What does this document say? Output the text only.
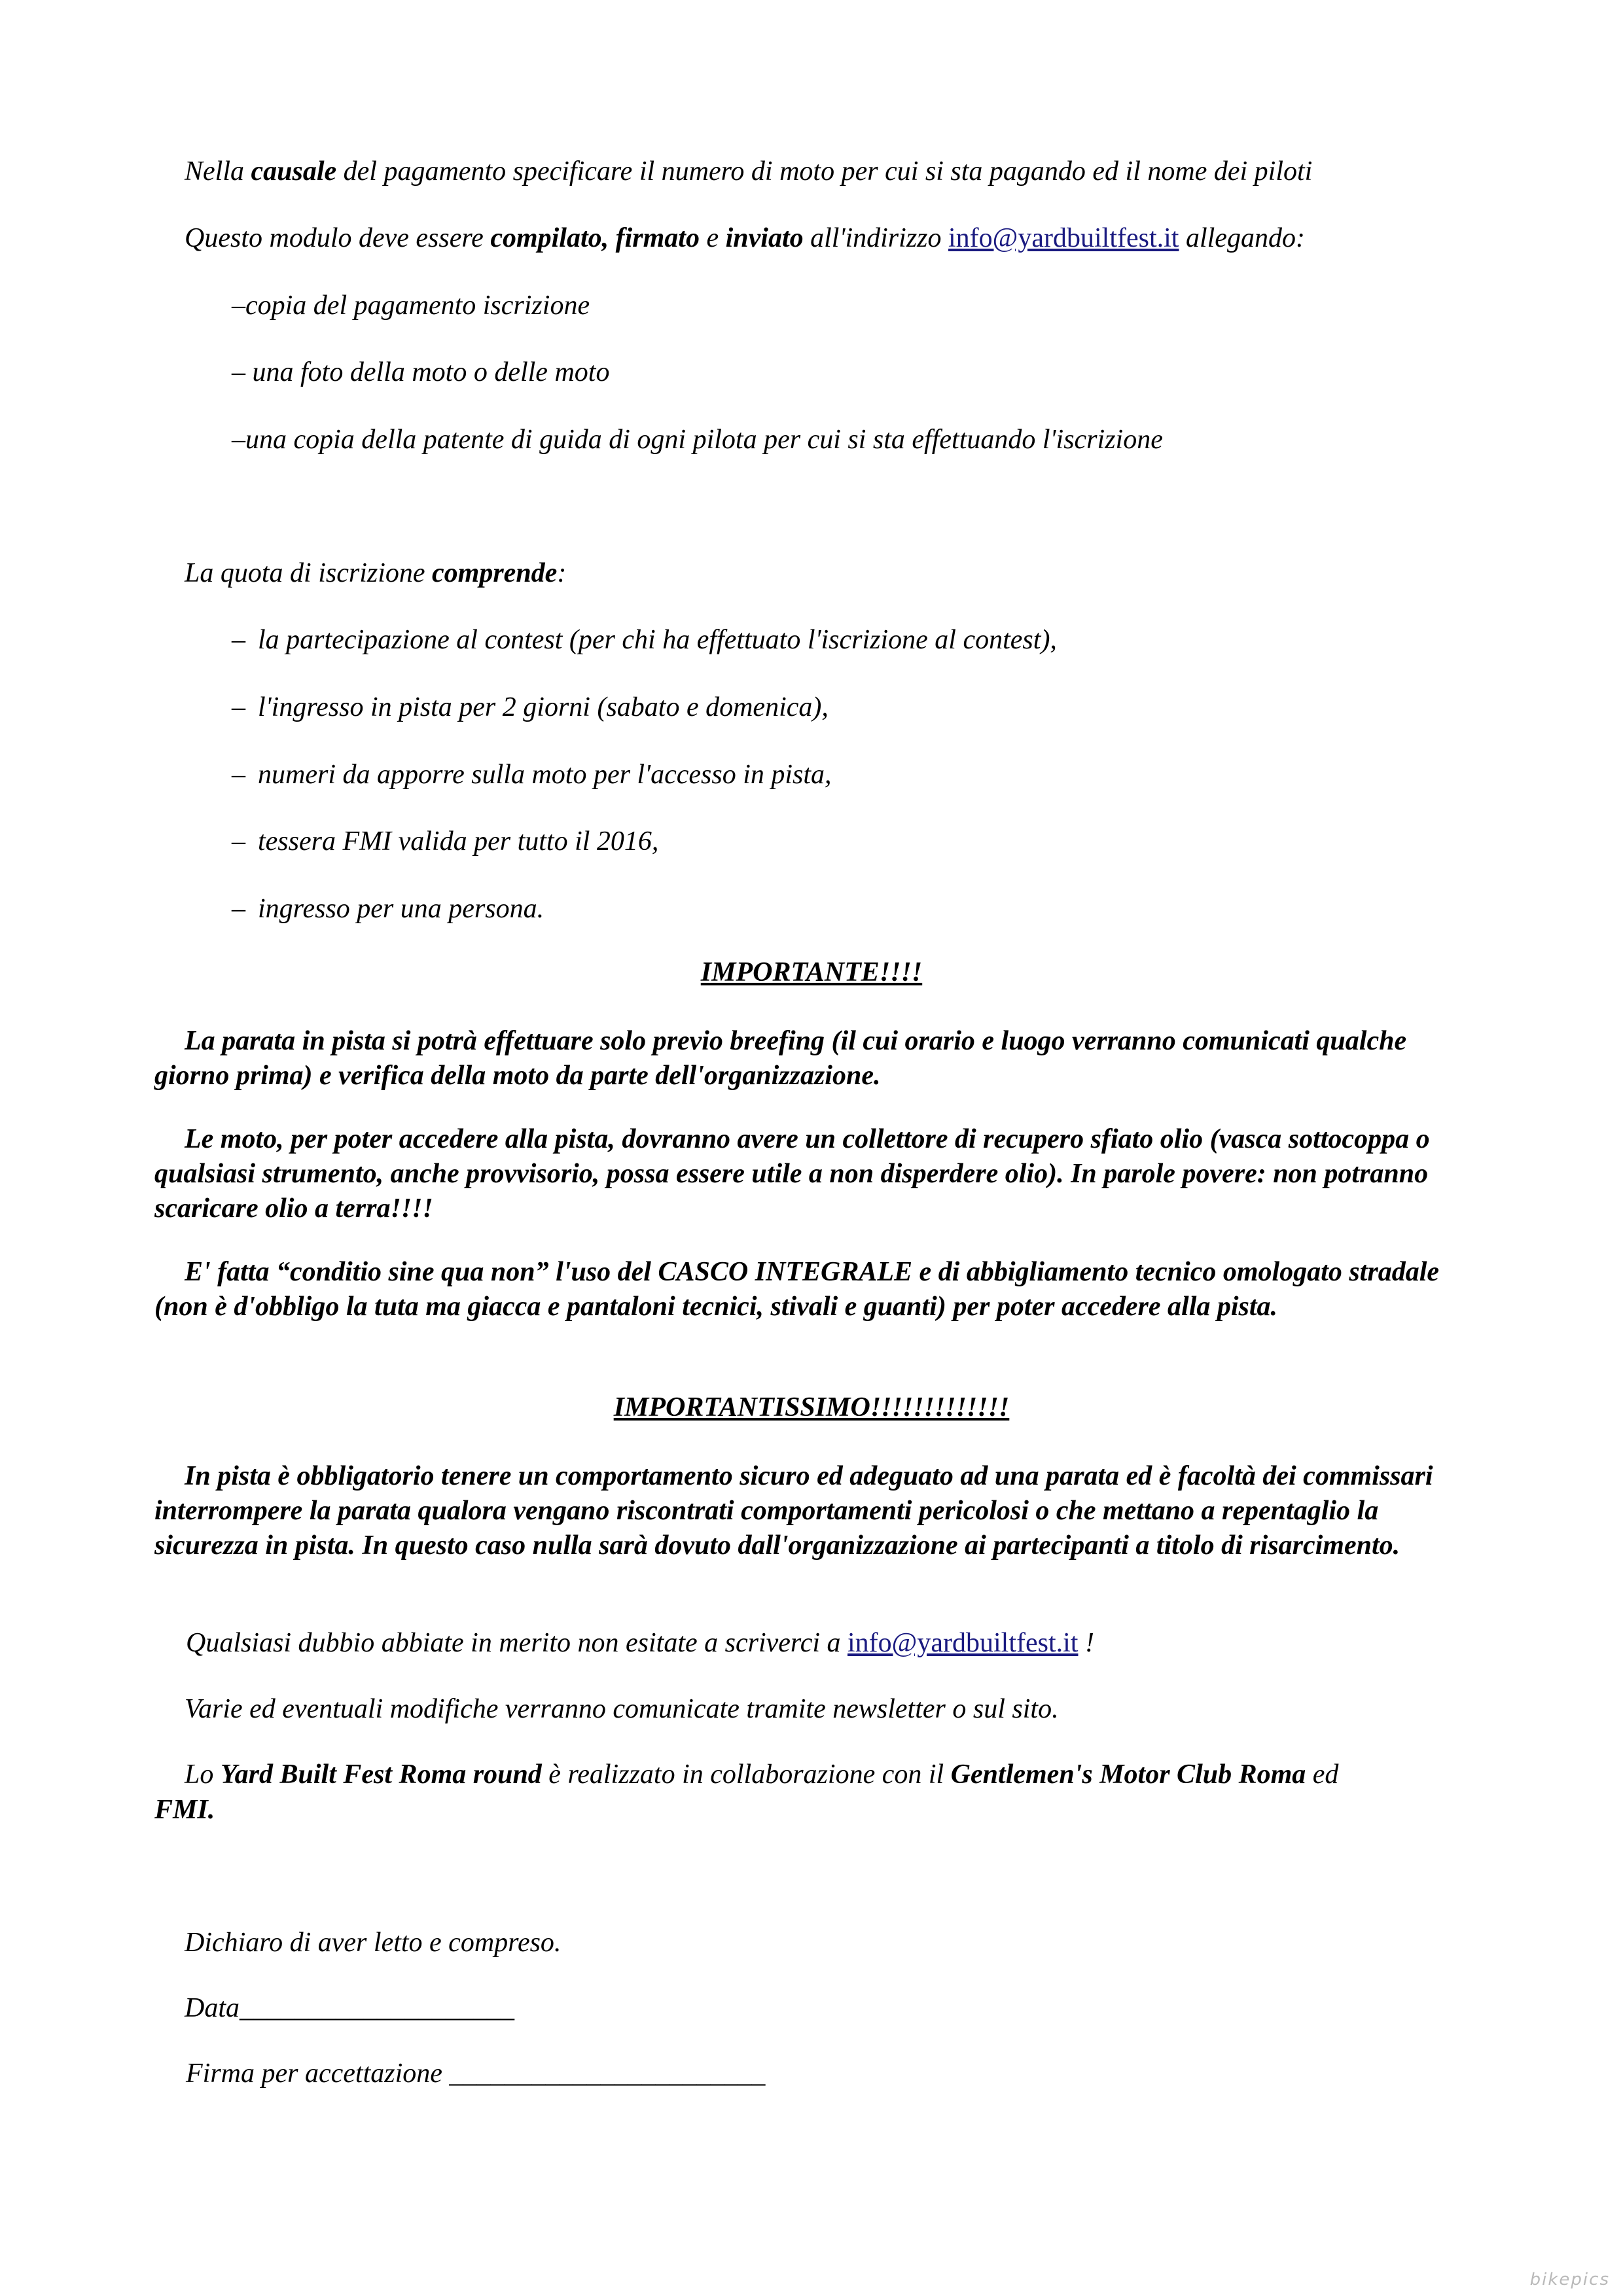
Nella causale del pagamento specificare il numero di moto per cui si sta pagando ed il nome dei piloti
Questo modulo deve essere compilato, firmato e inviato all'indirizzo info@yardbuiltfest.it allegando:
–copia del pagamento iscrizione
– una foto della moto o delle moto
–una copia della patente di guida di ogni pilota per cui si sta effettuando l'iscrizione
La quota di iscrizione comprende:
– la partecipazione al contest (per chi ha effettuato l'iscrizione al contest),
– l'ingresso in pista per 2 giorni (sabato e domenica),
– numeri da apporre sulla moto per l'accesso in pista,
– tessera FMI valida per tutto il 2016,
– ingresso per una persona.
IMPORTANTE!!!!
La parata in pista si potrà effettuare solo previo breefing (il cui orario e luogo verranno comunicati qualche giorno prima) e verifica della moto da parte dell'organizzazione.
Le moto, per poter accedere alla pista, dovranno avere un collettore di recupero sfiato olio (vasca sottocoppa o qualsiasi strumento, anche provvisorio, possa essere utile a non disperdere olio). In parole povere: non potranno scaricare olio a terra!!!!
E' fatta “conditio sine qua non” l'uso del CASCO INTEGRALE e di abbigliamento tecnico omologato stradale (non è d'obbligo la tuta ma giacca e pantaloni tecnici, stivali e guanti) per poter accedere alla pista.
IMPORTANTISSIMO!!!!!!!!!!!!!
In pista è obbligatorio tenere un comportamento sicuro ed adeguato ad una parata ed è facoltà dei commissari interrompere la parata qualora vengano riscontrati comportamenti pericolosi o che mettano a repentaglio la sicurezza in pista. In questo caso nulla sarà dovuto dall'organizzazione ai partecipanti a titolo di risarcimento.
Qualsiasi dubbio abbiate in merito non esitate a scriverci a info@yardbuiltfest.it !
Varie ed eventuali modifiche verranno comunicate tramite newsletter o sul sito.
Lo Yard Built Fest Roma round è realizzato in collaborazione con il Gentlemen's Motor Club Roma ed
FMI.
Dichiaro di aver letto e compreso.
Data____________________
Firma per accettazione _______________________
bikepics
